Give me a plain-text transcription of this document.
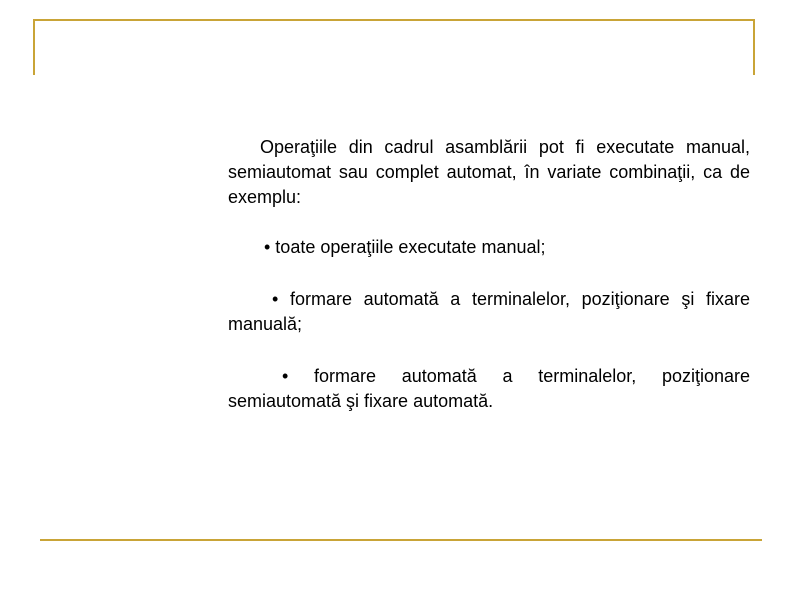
Operaţiile din cadrul asamblării pot fi executate manual, semiautomat sau complet automat, în variate combinaţii, ca de exemplu:

• toate operaţiile executate manual;

• formare automată a terminalelor, poziţionare şi fixare manuală;

• formare automată a terminalelor, poziţionare semiautomată şi fixare automată.
